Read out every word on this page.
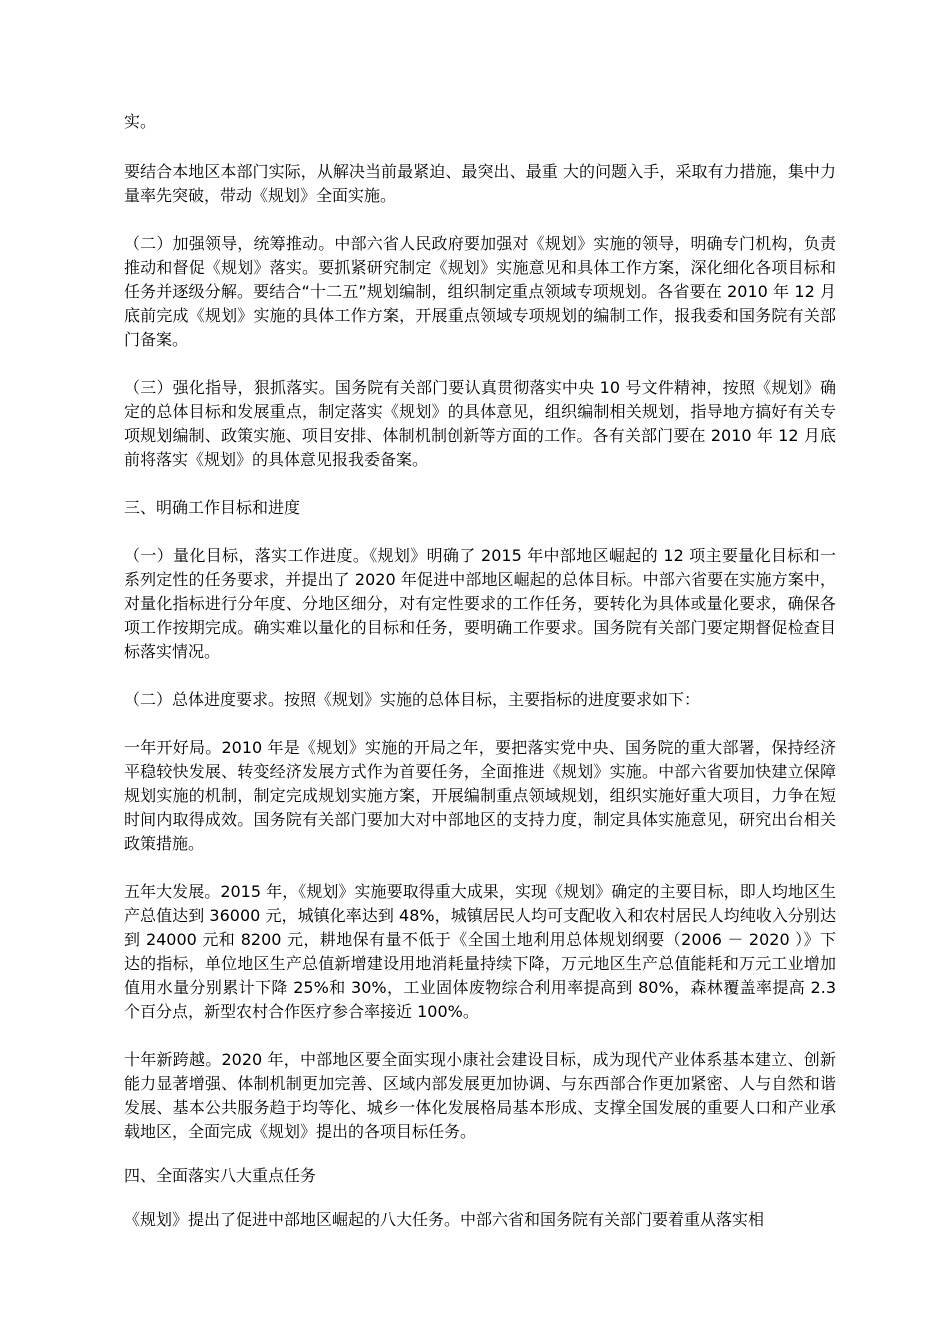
实。

要结合本地区本部门实际，从解决当前最紧迫、最突出、最重 大的问题入手，采取有力措施，集中力量率先突破，带动《规划》全面实施。

（二）加强领导，统筹推动。中部六省人民政府要加强对《规划》实施的领导，明确专门机构，负责推动和督促《规划》落实。要抓紧研究制定《规划》实施意见和具体工作方案，深化细化各项目标和任务并逐级分解。要结合“十二五”规划编制，组织制定重点领域专项规划。各省要在 2010 年 12 月底前完成《规划》实施的具体工作方案，开展重点领域专项规划的编制工作，报我委和国务院有关部门备案。

（三）强化指导，狠抓落实。国务院有关部门要认真贯彻落实中央 10 号文件精神，按照《规划》确定的总体目标和发展重点，制定落实《规划》的具体意见，组织编制相关规划，指导地方搞好有关专项规划编制、政策实施、项目安排、体制机制创新等方面的工作。各有关部门要在 2010 年 12 月底前将落实《规划》的具体意见报我委备案。

三、明确工作目标和进度

（一）量化目标，落实工作进度。《规划》明确了 2015 年中部地区崛起的 12 项主要量化目标和一系列定性的任务要求，并提出了 2020 年促进中部地区崛起的总体目标。中部六省要在实施方案中，对量化指标进行分年度、分地区细分，对有定性要求的工作任务，要转化为具体或量化要求，确保各项工作按期完成。确实难以量化的目标和任务，要明确工作要求。国务院有关部门要定期督促检查目标落实情况。

（二）总体进度要求。按照《规划》实施的总体目标，主要指标的进度要求如下：

一年开好局。2010 年是《规划》实施的开局之年，要把落实党中央、国务院的重大部署，保持经济平稳较快发展、转变经济发展方式作为首要任务，全面推进《规划》实施。中部六省要加快建立保障规划实施的机制，制定完成规划实施方案，开展编制重点领域规划，组织实施好重大项目，力争在短时间内取得成效。国务院有关部门要加大对中部地区的支持力度，制定具体实施意见，研究出台相关政策措施。

五年大发展。2015 年，《规划》实施要取得重大成果，实现《规划》确定的主要目标，即人均地区生产总值达到 36000 元，城镇化率达到 48%，城镇居民人均可支配收入和农村居民人均纯收入分别达到 24000 元和 8200 元，耕地保有量不低于《全国土地利用总体规划纲要（2006 － 2020 ）》下达的指标，单位地区生产总值新增建设用地消耗量持续下降，万元地区生产总值能耗和万元工业增加值用水量分别累计下降 25%和 30%，工业固体废物综合利用率提高到 80%，森林覆盖率提高 2.3 个百分点，新型农村合作医疗参合率接近 100%。

十年新跨越。2020 年，中部地区要全面实现小康社会建设目标，成为现代产业体系基本建立、创新能力显著增强、体制机制更加完善、区域内部发展更加协调、与东西部合作更加紧密、人与自然和谐发展、基本公共服务趋于均等化、城乡一体化发展格局基本形成、支撑全国发展的重要人口和产业承载地区，全面完成《规划》提出的各项目标任务。

四、全面落实八大重点任务

《规划》提出了促进中部地区崛起的八大任务。中部六省和国务院有关部门要着重从落实相
